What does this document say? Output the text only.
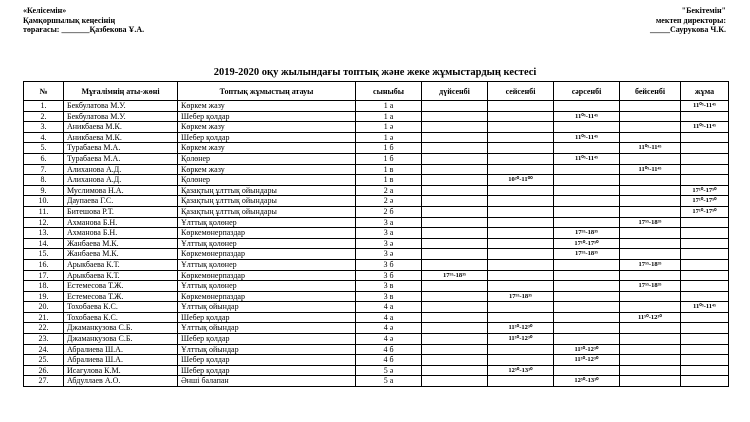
«Келісемін»
Қамқоршылық кеңесінің
төрағасы: _______Қазбекова Ұ.А.
"Бекітемін"
мектеп директоры:
_____Саурукова Ч.К.
2019-2020 оқу жылындағы топтық және жеке жұмыстардың кестесі
№	Мұғалімнің аты-жөні	Топтық жұмыстың атауы	сыныбы	дүйсенбі	сейсенбі	сәрсенбі	бейсенбі	жұма
1.	Бекбулатова М.У.	Көркем жазу	1 а					11⁰⁵-11⁴⁵
2.	Бекбулатова М.У.	Шебер қолдар	1 а			11⁰⁵-11⁴⁵		
3.	Аникбаева М.К.	Көркем жазу	1 ә					11⁰⁵-11⁴⁵
4.	Аникбаева М.К.	Шебер қолдар	1 ә			11⁰⁵-11⁴⁵		
5.	Турабаева М.А.	Көркем жазу	1 б				11⁰⁵-11⁴⁵	
6.	Турабаева М.А.	Қолөнер	1 б			11⁰⁵-11⁴⁵		
7.	Алиханова А.Д.	Көркем жазу	1 в				11⁰⁵-11⁴⁵	
8.	Алиханова А.Д.	Қолөнер	1 в		10²⁰-11⁰⁰			
9.	Муслимова Н.А.	Қазақтың ұлттық ойындары	2 а					17¹⁰-17⁵⁰
10.	Даупаева Г.С.	Қазақтың ұлттық ойындары	2 ә					17¹⁰-17⁵⁰
11.	Битешова Р.Т.	Қазақтың ұлттық ойындары	2 б					17¹⁰-17⁵⁰
12.	Ахманова Б.Н.	Ұлттық қолөнер	3 а				17⁵⁵-18³⁵	
13.	Ахманова Б.Н.	Көркемөнерпаздар	3 а			17⁵⁵-18³⁵		
14.	Жанбаева М.К.	Ұлттық қолөнер	3 ә			17¹⁰-17⁵⁰		
15.	Жанбаева М.К.	Көркемөнерпаздар	3 ә			17⁵⁵-18³⁵		
16.	Арыкбаева К.Т.	Ұлттық қолөнер	3 б				17⁵⁵-18³⁵	
17.	Арыкбаева К.Т.	Көркемөнерпаздар	3 б	17⁵⁵-18³⁵				
18.	Естемесова Т.Ж.	Ұлттық қолөнер	3 в				17⁵⁵-18³⁵	
19.	Естемесова Т.Ж.	Көркемөнерпаздар	3 в		17⁵⁵-18³⁵			
20.	Тохобаева К.С.	Ұлттық ойындар	4 а					11⁰⁵-11⁴⁵
21.	Тохобаева К.С.	Шебер қолдар	4 а				11⁵⁰-12³⁰	
22.	Джаманкузова С.Б.	Ұлттық ойындар	4 ә		11⁵⁰-12³⁰			
23.	Джаманкузова С.Б.	Шебер қолдар	4 ә		11⁵⁰-12³⁰			
24.	Абралиева Ш.А.	Ұлттық ойындар	4 б			11⁵⁰-12³⁰		
25.	Абралиева Ш.А.	Шебер қолдар	4 б			11⁵⁰-12³⁰		
26.	Исагулова К.М.	Шебер қолдар	5 ә		12⁵⁰-13³⁰			
27.	Абдуллаев А.О.	Әнші балапан	5 а			12⁵⁰-13³⁰		
